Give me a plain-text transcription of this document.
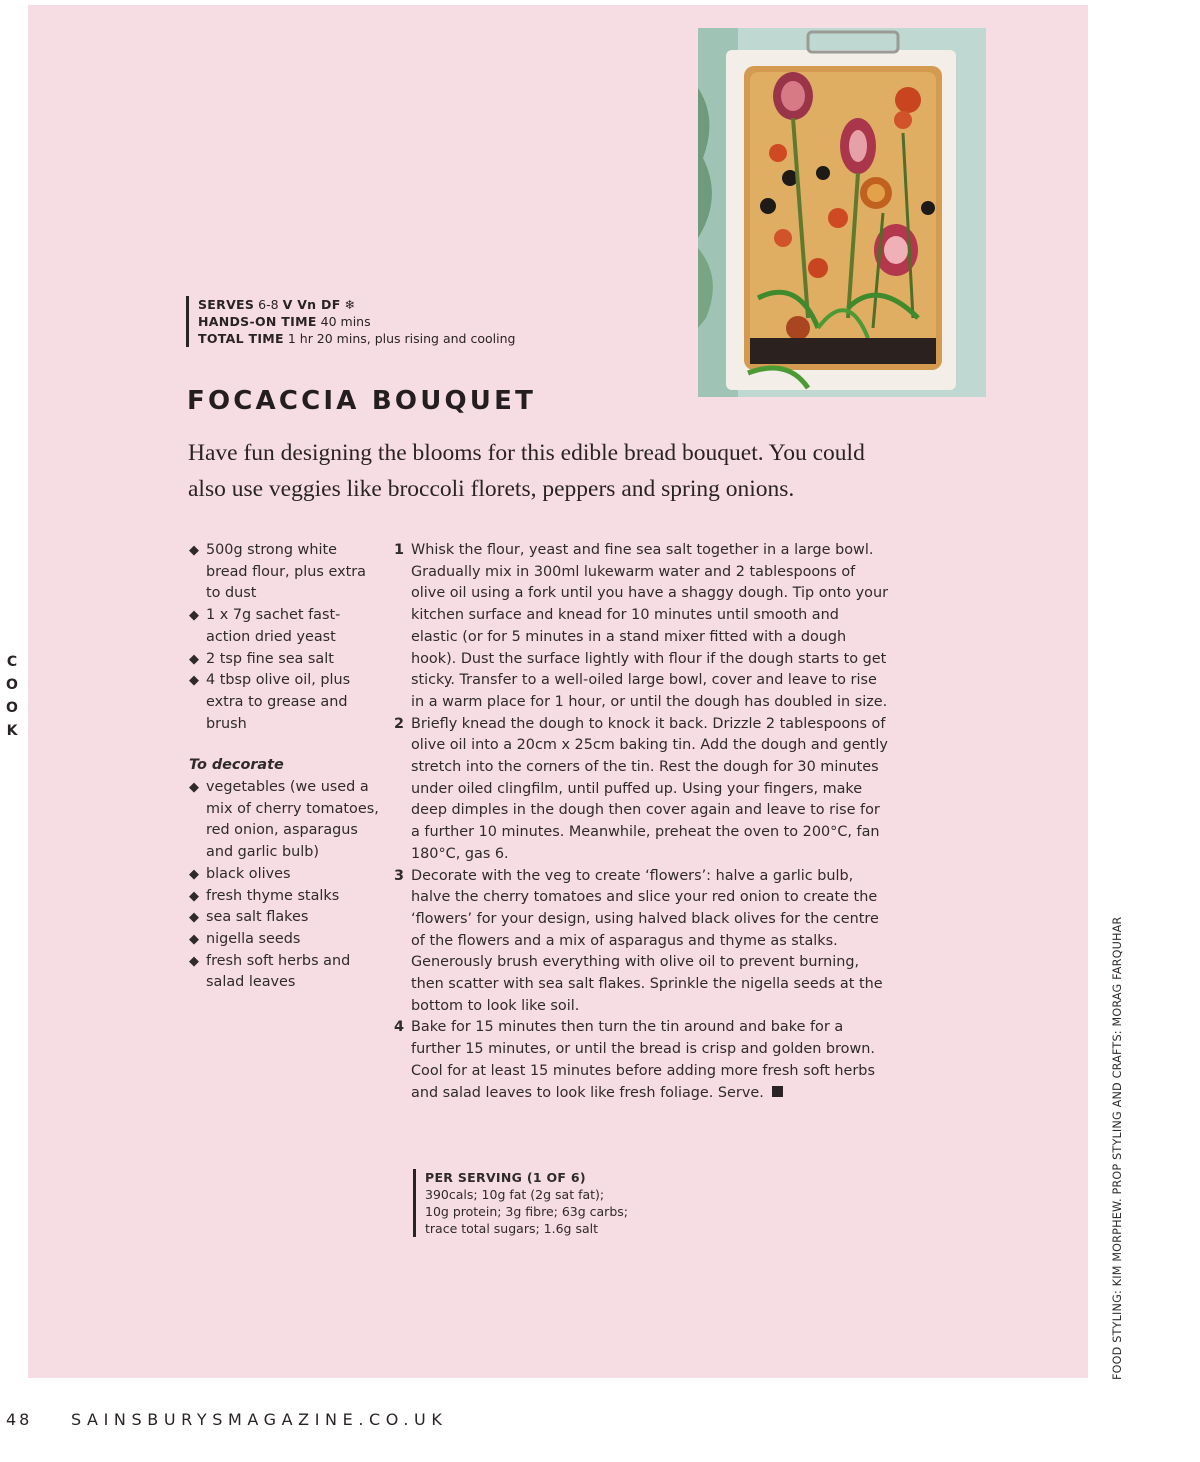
SERVES 6-8 V Vn DF ❄
HANDS-ON TIME 40 mins
TOTAL TIME 1 hr 20 mins, plus rising and cooling
FOCACCIA BOUQUET

Have fun designing the blooms for this edible bread bouquet. You could also use veggies like broccoli florets, peppers and spring onions.

◆ 500g strong white bread flour, plus extra to dust
◆ 1 x 7g sachet fast-action dried yeast
◆ 2 tsp fine sea salt
◆ 4 tbsp olive oil, plus extra to grease and brush
To decorate
◆ vegetables (we used a mix of cherry tomatoes, red onion, asparagus and garlic bulb)
◆ black olives
◆ fresh thyme stalks
◆ sea salt flakes
◆ nigella seeds
◆ fresh soft herbs and salad leaves
1 Whisk the flour, yeast and fine sea salt together in a large bowl. Gradually mix in 300ml lukewarm water and 2 tablespoons of olive oil using a fork until you have a shaggy dough. Tip onto your kitchen surface and knead for 10 minutes until smooth and elastic (or for 5 minutes in a stand mixer fitted with a dough hook). Dust the surface lightly with flour if the dough starts to get sticky. Transfer to a well-oiled large bowl, cover and leave to rise in a warm place for 1 hour, or until the dough has doubled in size.
2 Briefly knead the dough to knock it back. Drizzle 2 tablespoons of olive oil into a 20cm x 25cm baking tin. Add the dough and gently stretch into the corners of the tin. Rest the dough for 30 minutes under oiled clingfilm, until puffed up. Using your fingers, make deep dimples in the dough then cover again and leave to rise for a further 10 minutes. Meanwhile, preheat the oven to 200°C, fan 180°C, gas 6.
3 Decorate with the veg to create ‘flowers’: halve a garlic bulb, halve the cherry tomatoes and slice your red onion to create the ‘flowers’ for your design, using halved black olives for the centre of the flowers and a mix of asparagus and thyme as stalks. Generously brush everything with olive oil to prevent burning, then scatter with sea salt flakes. Sprinkle the nigella seeds at the bottom to look like soil.
4 Bake for 15 minutes then turn the tin around and bake for a further 15 minutes, or until the bread is crisp and golden brown. Cool for at least 15 minutes before adding more fresh soft herbs and salad leaves to look like fresh foliage. Serve.
PER SERVING (1 OF 6)
390cals; 10g fat (2g sat fat);
10g protein; 3g fibre; 63g carbs;
trace total sugars; 1.6g salt
COOK
FOOD STYLING: KIM MORPHEW. PROP STYLING AND CRAFTS: MORAG FARQUHAR
48 SAINSBURYSMAGAZINE.CO.UK
